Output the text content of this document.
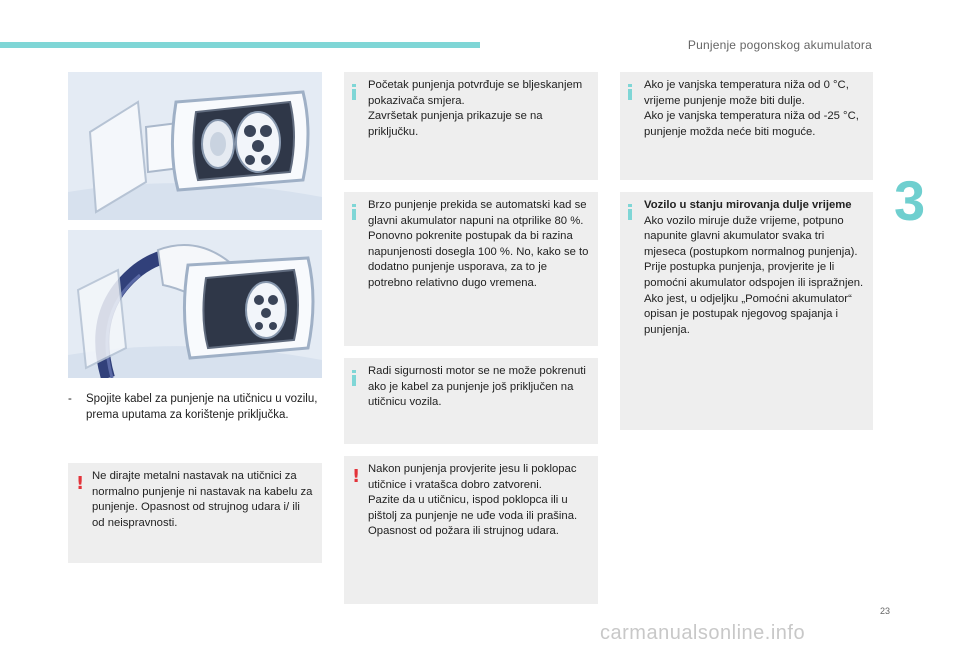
Punjenje pogonskog akumulatora
3
-	Spojite kabel za punjenje na utičnicu u vozilu, prema uputama za korištenje priključka.
! Ne dirajte metalni nastavak na utičnici za normalno punjenje ni nastavak na kabelu za punjenje. Opasnost od strujnog udara i/ ili od neispravnosti.

Početak punjenja potvrđuje se bljeskanjem pokazivača smjera.

Završetak punjenja prikazuje se na priključku.

Brzo punjenje prekida se automatski kad se glavni akumulator napuni na otprilike 80 %. Ponovno pokrenite postupak da bi razina napunjenosti dosegla 100 %. No, kako se to dodatno punjenje usporava, za to je potrebno relativno dugo vremena.

Radi sigurnosti motor se ne može pokrenuti ako je kabel za punjenje još priključen na utičnicu vozila.

! Nakon punjenja provjerite jesu li poklopac utičnice i vratašca dobro zatvoreni.

Pazite da u utičnicu, ispod poklopca ili u pištolj za punjenje ne uđe voda ili prašina.

Opasnost od požara ili strujnog udara.

Ako je vanjska temperatura niža od 0 °C, vrijeme punjenje može biti dulje.

Ako je vanjska temperatura niža od -25 °C, punjenje možda neće biti moguće.

Vozilo u stanju mirovanja dulje vrijeme

Ako vozilo miruje duže vrijeme, potpuno napunite glavni akumulator svaka tri mjeseca (postupkom normalnog punjenja).

Prije postupka punjenja, provjerite je li pomoćni akumulator odspojen ili ispražnjen. Ako jest, u odjeljku „Pomoćni akumulator“ opisan je postupak njegovog spajanja i punjenja.

23
carmanualsonline.info
